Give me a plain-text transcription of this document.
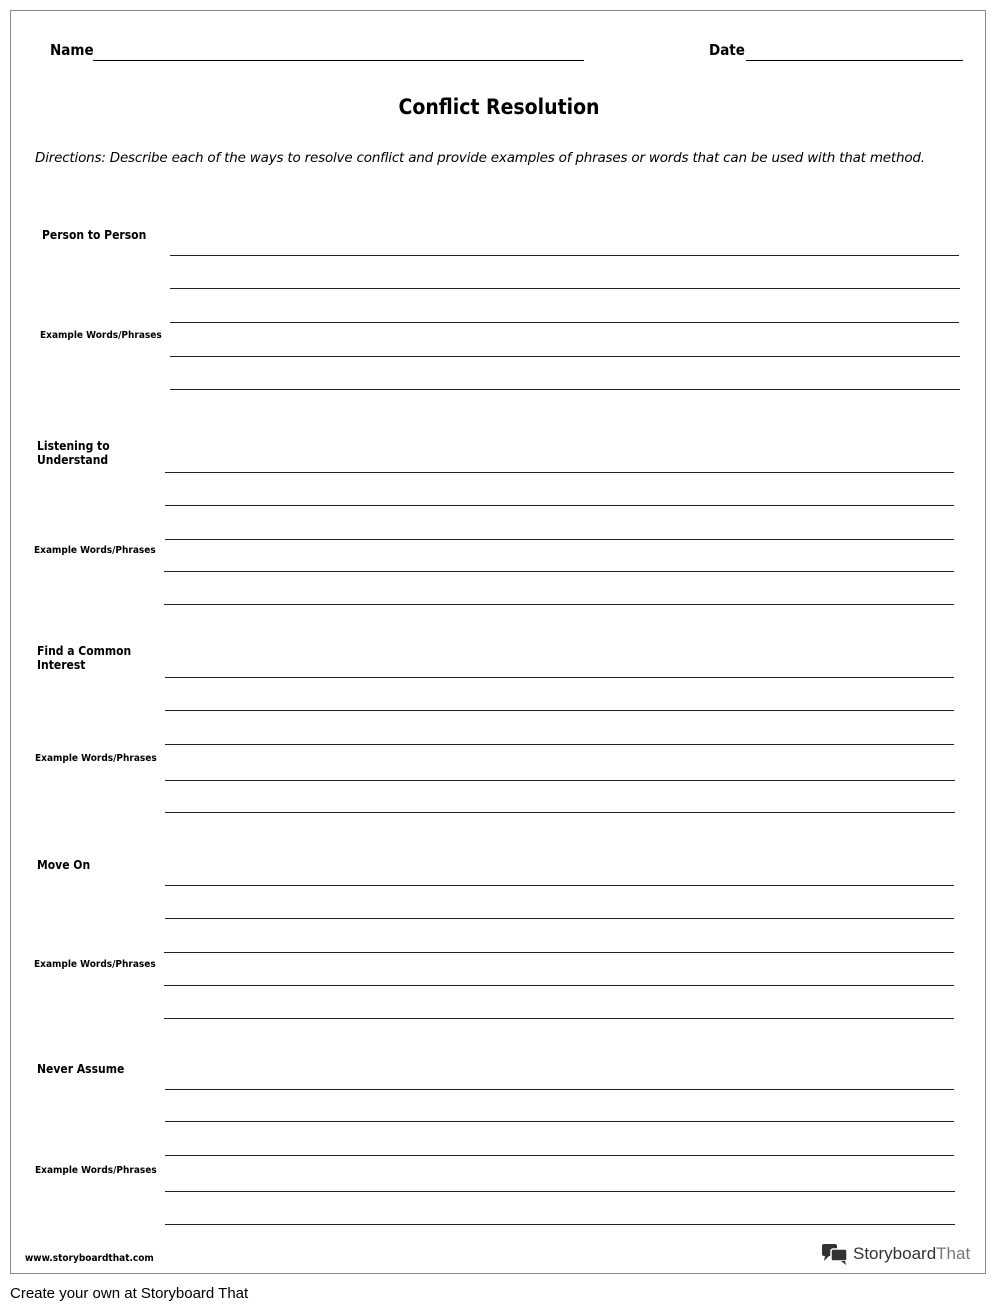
Name	Date
Conflict Resolution
Directions: Describe each of the ways to resolve conflict and provide examples of phrases or words that can be used with that method.
Person to Person
Example Words/Phrases
Listening to
Understand
Example Words/Phrases
Find a Common
Interest
Example Words/Phrases
Move On
Example Words/Phrases
Never Assume
Example Words/Phrases
www.storyboardthat.com	StoryboardThat
Create your own at Storyboard That
